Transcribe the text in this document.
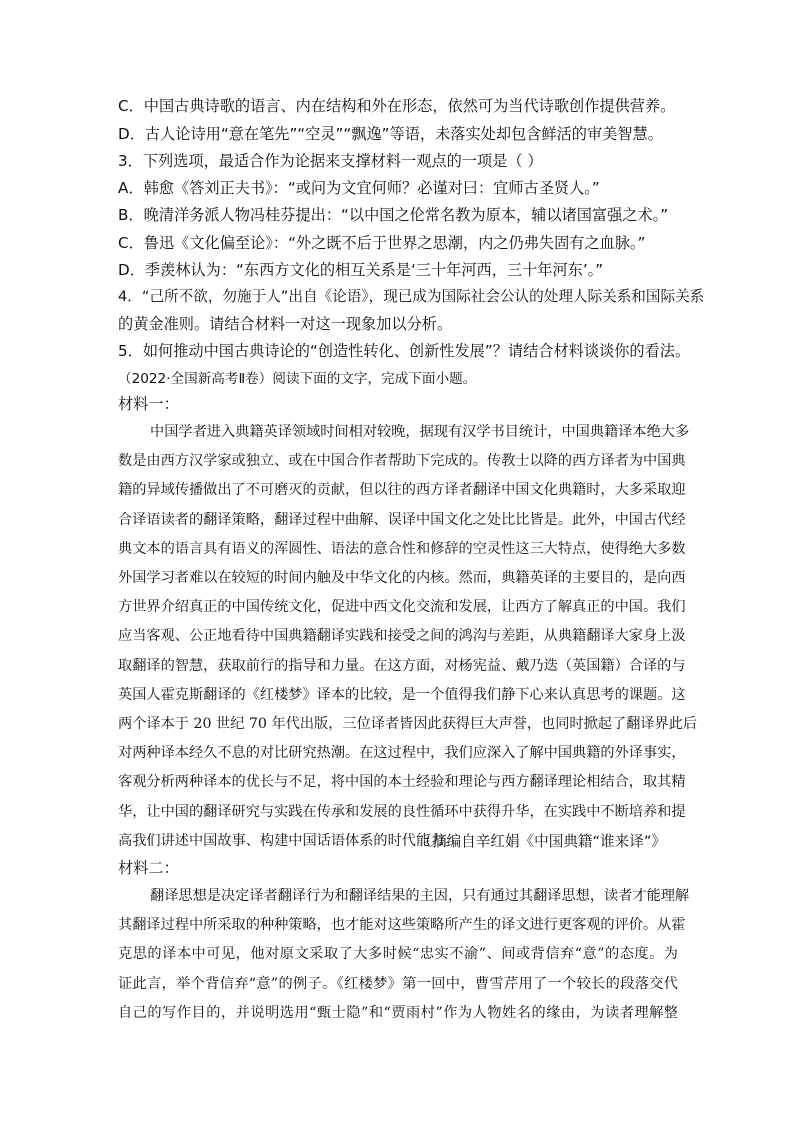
C．中国古典诗歌的语言、内在结构和外在形态，依然可为当代诗歌创作提供营养。

D．古人论诗用“意在笔先”“空灵”“飘逸”等语，未落实处却包含鲜活的审美智慧。

3．下列选项，最适合作为论据来支撑材料一观点的一项是（ ）

A．韩愈《答刘正夫书》：“或问为文宜何师？必谨对曰：宜师古圣贤人。”

B．晚清洋务派人物冯桂芬提出：“以中国之伦常名教为原本，辅以诸国富强之术。”

C．鲁迅《文化偏至论》：“外之既不后于世界之思潮，内之仍弗失固有之血脉。”

D．季羡林认为：“东西方文化的相互关系是‘三十年河西，三十年河东’。”

4．“己所不欲，勿施于人”出自《论语》，现已成为国际社会公认的处理人际关系和国际关系

的黄金准则。请结合材料一对这一现象加以分析。

5．如何推动中国古典诗论的“创造性转化、创新性发展”？请结合材料谈谈你的看法。

（2022·全国新高考Ⅱ卷）阅读下面的文字，完成下面小题。

材料一：

中国学者进入典籍英译领域时间相对较晚，据现有汉学书目统计，中国典籍译本绝大多
数是由西方汉学家或独立、或在中国合作者帮助下完成的。传教士以降的西方译者为中国典
籍的异域传播做出了不可磨灭的贡献，但以往的西方译者翻译中国文化典籍时，大多采取迎
合译语读者的翻译策略，翻译过程中曲解、误译中国文化之处比比皆是。此外，中国古代经
典文本的语言具有语义的浑圆性、语法的意合性和修辞的空灵性这三大特点，使得绝大多数
外国学习者难以在较短的时间内触及中华文化的内核。然而，典籍英译的主要目的，是向西
方世界介绍真正的中国传统文化，促进中西文化交流和发展，让西方了解真正的中国。我们
应当客观、公正地看待中国典籍翻译实践和接受之间的鸿沟与差距，从典籍翻译大家身上汲
取翻译的智慧，获取前行的指导和力量。在这方面，对杨宪益、戴乃迭（英国籍）合译的与
英国人霍克斯翻译的《红楼梦》译本的比较，是一个值得我们静下心来认真思考的课题。这
两个译本于 20 世纪 70 年代出版，三位译者皆因此获得巨大声誉，也同时掀起了翻译界此后
对两种译本经久不息的对比研究热潮。在这过程中，我们应深入了解中国典籍的外译事实，
客观分析两种译本的优长与不足，将中国的本土经验和理论与西方翻译理论相结合，取其精
华，让中国的翻译研究与实践在传承和发展的良性循环中获得升华，在实践中不断培养和提
高我们讲述中国故事、构建中国话语体系的时代能力。

（摘编自辛红娟《中国典籍“谁来译”》

材料二：

翻译思想是决定译者翻译行为和翻译结果的主因，只有通过其翻译思想，读者才能理解
其翻译过程中所采取的种种策略，也才能对这些策略所产生的译文进行更客观的评价。从霍
克思的译本中可见，他对原文采取了大多时候“忠实不渝”、间或背信弃“意”的态度。为
证此言，举个背信弃“意”的例子。《红楼梦》第一回中，曹雪芹用了一个较长的段落交代
自己的写作目的，并说明选用“甄士隐”和“贾雨村”作为人物姓名的缘由，为读者理解整
